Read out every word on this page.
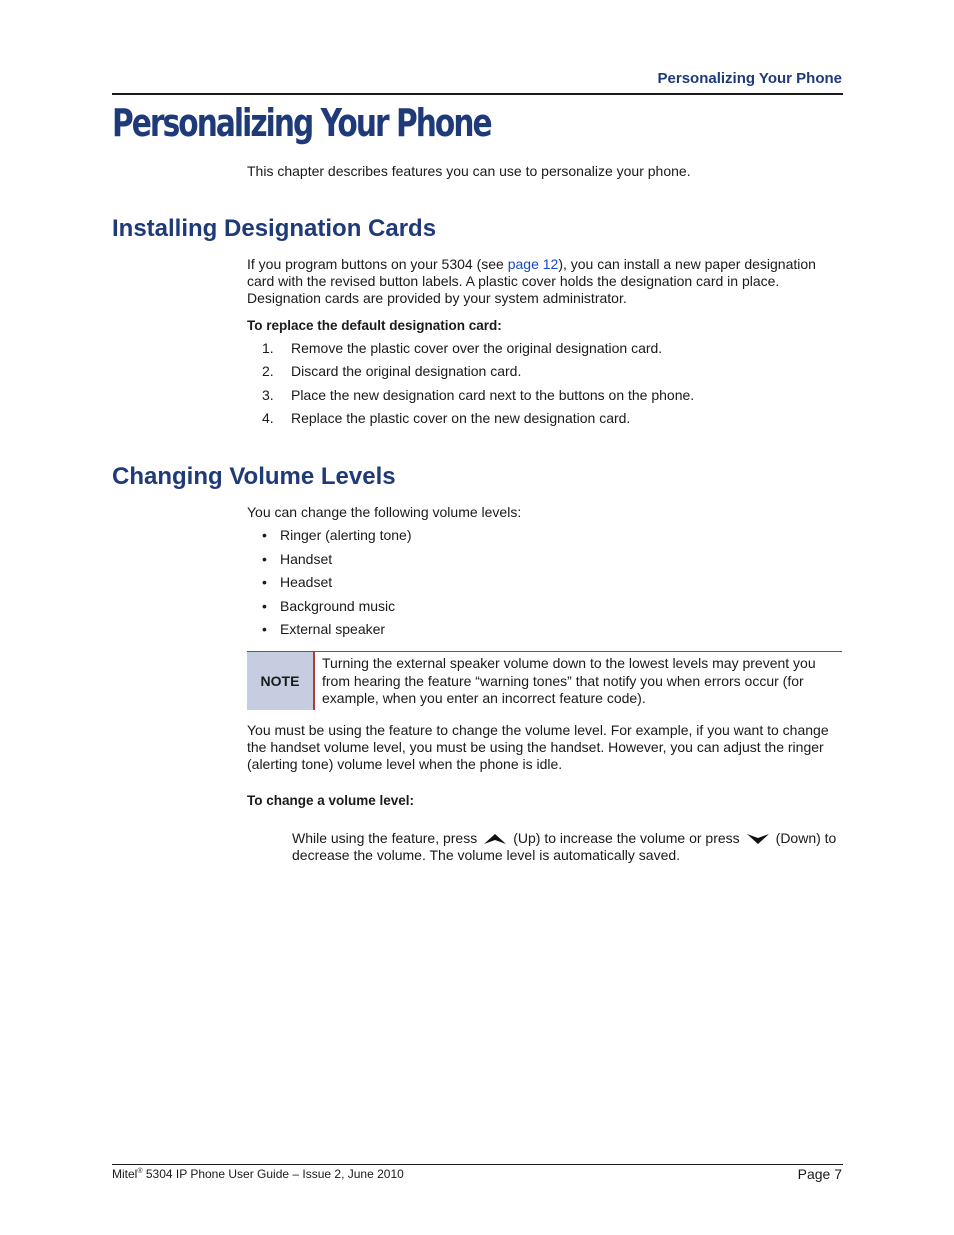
Personalizing Your Phone
Personalizing Your Phone

This chapter describes features you can use to personalize your phone.

Installing Designation Cards

If you program buttons on your 5304 (see page 12), you can install a new paper designation card with the revised button labels. A plastic cover holds the designation card in place. Designation cards are provided by your system administrator.

To replace the default designation card:

1. Remove the plastic cover over the original designation card.
2. Discard the original designation card.
3. Place the new designation card next to the buttons on the phone.
4. Replace the plastic cover on the new designation card.
Changing Volume Levels

You can change the following volume levels:

• Ringer (alerting tone)
• Handset
• Headset
• Background music
• External speaker
NOTE
Turning the external speaker volume down to the lowest levels may prevent you from hearing the feature “warning tones” that notify you when errors occur (for example, when you enter an incorrect feature code).

You must be using the feature to change the volume level. For example, if you want to change the handset volume level, you must be using the handset. However, you can adjust the ringer (alerting tone) volume level when the phone is idle.

To change a volume level:

While using the feature, press	(Up) to increase the volume or press	(Down) to decrease the volume. The volume level is automatically saved.

Mitel® 5304 IP Phone User Guide – Issue 2, June 2010	Page 7
